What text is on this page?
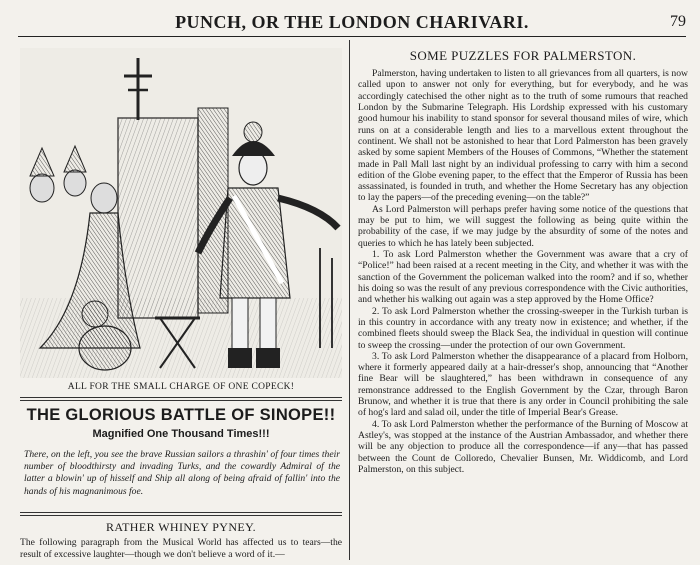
PUNCH, OR THE LONDON CHARIVARI.	79
ALL FOR THE SMALL CHARGE OF ONE COPECK!
THE GLORIOUS BATTLE OF SINOPE!!
Magnified One Thousand Times!!!
There, on the left, you see the brave Russian sailors a thrashin' of four times their number of bloodthirsty and invading Turks, and the cowardly Admiral of the latter a blowin' up of hisself and Ship all along of being afraid of fallin' into the hands of his magnanimous foe.
RATHER WHINEY PYNEY.
The following paragraph from the Musical World has affected us to tears—the result of excessive laughter—though we don't believe a word of it.—
SOME PUZZLES FOR PALMERSTON.

Palmerston, having undertaken to listen to all grievances from all quarters, is now called upon to answer not only for everything, but for everybody, and he was accordingly catechised the other night as to the truth of some rumours that reached London by the Submarine Telegraph. His Lordship expressed with his customary good humour his inability to stand sponsor for several thousand miles of wire, which runs on at a considerable length and lies to a marvellous extent throughout the continent. We shall not be astonished to hear that Lord Palmerston has been gravely asked by some sapient Members of the Houses of Commons, “Whether the statement made in Pall Mall last night by an individual professing to carry with him a second edition of the Globe evening paper, to the effect that the Emperor of Russia has been assassinated, is founded in truth, and whether the Home Secretary has any objection to lay the papers—of the preceding evening—on the table?”

As Lord Palmerston will perhaps prefer having some notice of the questions that may be put to him, we will suggest the following as being quite within the probability of the case, if we may judge by the absurdity of some of the notes and queries to which he has lately been subjected.

1. To ask Lord Palmerston whether the Government was aware that a cry of “Police!” had been raised at a recent meeting in the City, and whether it was with the sanction of the Government the policeman walked into the room? and if so, whether his doing so was the result of any previous correspondence with the Civic authorities, and whether his walking out again was a step approved by the Home Office?

2. To ask Lord Palmerston whether the crossing-sweeper in the Turkish turban is in this country in accordance with any treaty now in existence; and whether, if the combined fleets should sweep the Black Sea, the individual in question will continue to sweep the crossing—under the protection of our own Government.

3. To ask Lord Palmerston whether the disappearance of a placard from Holborn, where it formerly appeared daily at a hair-dresser's shop, announcing that “Another fine Bear will be slaughtered,” has been withdrawn in consequence of any remonstrance addressed to the English Government by the Czar, through Baron Brunow, and whether it is true that there is any order in Council prohibiting the sale of hog's lard and salad oil, under the title of Imperial Bear's Grease.

4. To ask Lord Palmerston whether the performance of the Burning of Moscow at Astley's, was stopped at the instance of the Austrian Ambassador, and whether there will be any objection to produce all the correspondence—if any—that has passed between the Count de Colloredo, Chevalier Bunsen, Mr. Widdicomb, and Lord Palmerston, on this subject.
